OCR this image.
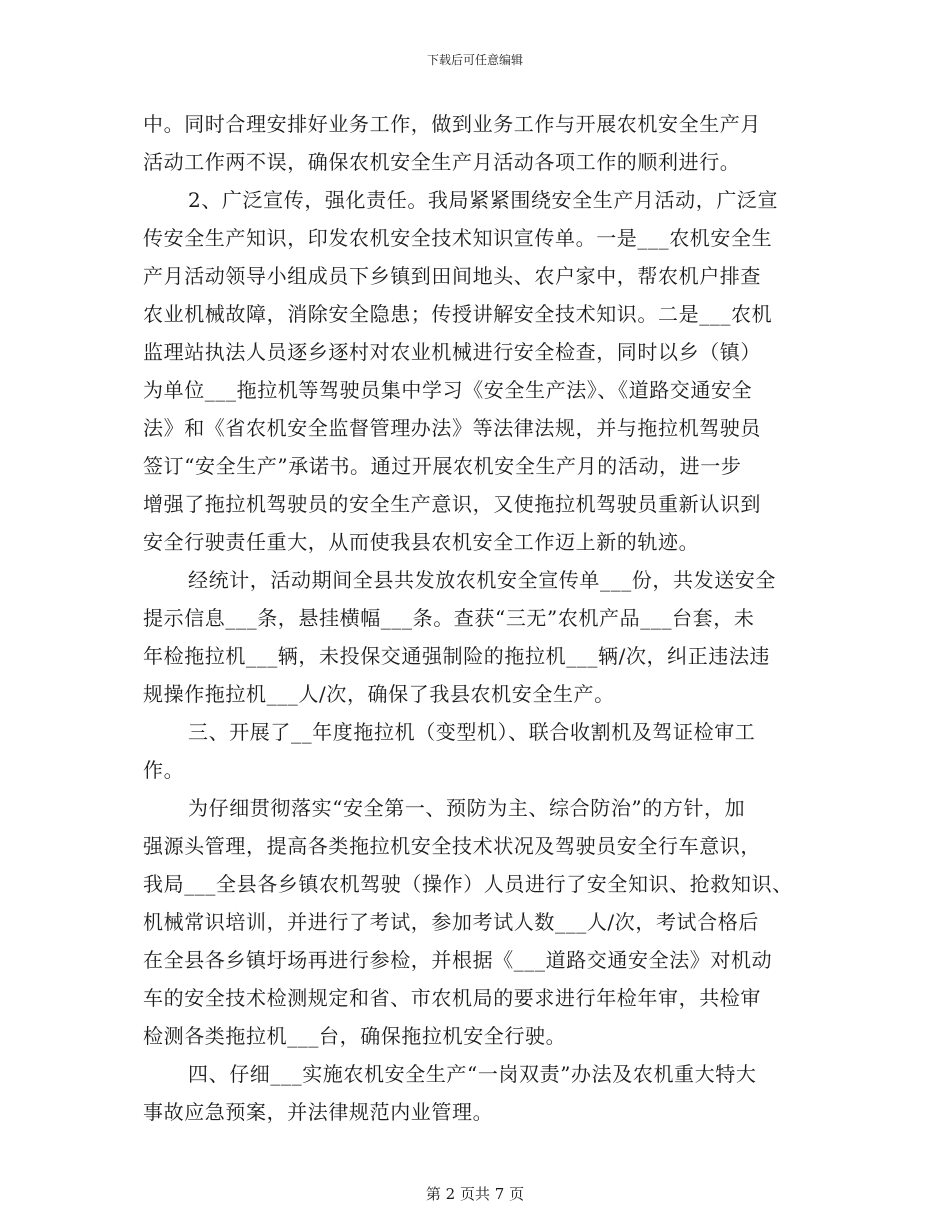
下载后可任意编辑
中。同时合理安排好业务工作，做到业务工作与开展农机安全生产月
活动工作两不误，确保农机安全生产月活动各项工作的顺利进行。
2、广泛宣传，强化责任。我局紧紧围绕安全生产月活动，广泛宣
传安全生产知识，印发农机安全技术知识宣传单。一是___农机安全生
产月活动领导小组成员下乡镇到田间地头、农户家中，帮农机户排查
农业机械故障，消除安全隐患；传授讲解安全技术知识。二是___农机
监理站执法人员逐乡逐村对农业机械进行安全检查，同时以乡（镇）
为单位___拖拉机等驾驶员集中学习《安全生产法》、《道路交通安全
法》和《省农机安全监督管理办法》等法律法规，并与拖拉机驾驶员
签订“安全生产”承诺书。通过开展农机安全生产月的活动，进一步
增强了拖拉机驾驶员的安全生产意识，又使拖拉机驾驶员重新认识到
安全行驶责任重大，从而使我县农机安全工作迈上新的轨迹。
经统计，活动期间全县共发放农机安全宣传单___份，共发送安全
提示信息___条，悬挂横幅___条。查获“三无”农机产品___台套，未
年检拖拉机___辆，未投保交通强制险的拖拉机___辆/次，纠正违法违
规操作拖拉机___人/次，确保了我县农机安全生产。
三、开展了__年度拖拉机（变型机）、联合收割机及驾证检审工
作。
为仔细贯彻落实“安全第一、预防为主、综合防治”的方针，加
强源头管理，提高各类拖拉机安全技术状况及驾驶员安全行车意识，
我局___全县各乡镇农机驾驶（操作）人员进行了安全知识、抢救知识、
机械常识培训，并进行了考试，参加考试人数___人/次，考试合格后
在全县各乡镇圩场再进行参检，并根据《___道路交通安全法》对机动
车的安全技术检测规定和省、市农机局的要求进行年检年审，共检审
检测各类拖拉机___台，确保拖拉机安全行驶。
四、仔细___实施农机安全生产“一岗双责”办法及农机重大特大
事故应急预案，并法律规范内业管理。
第 2 页共 7 页
